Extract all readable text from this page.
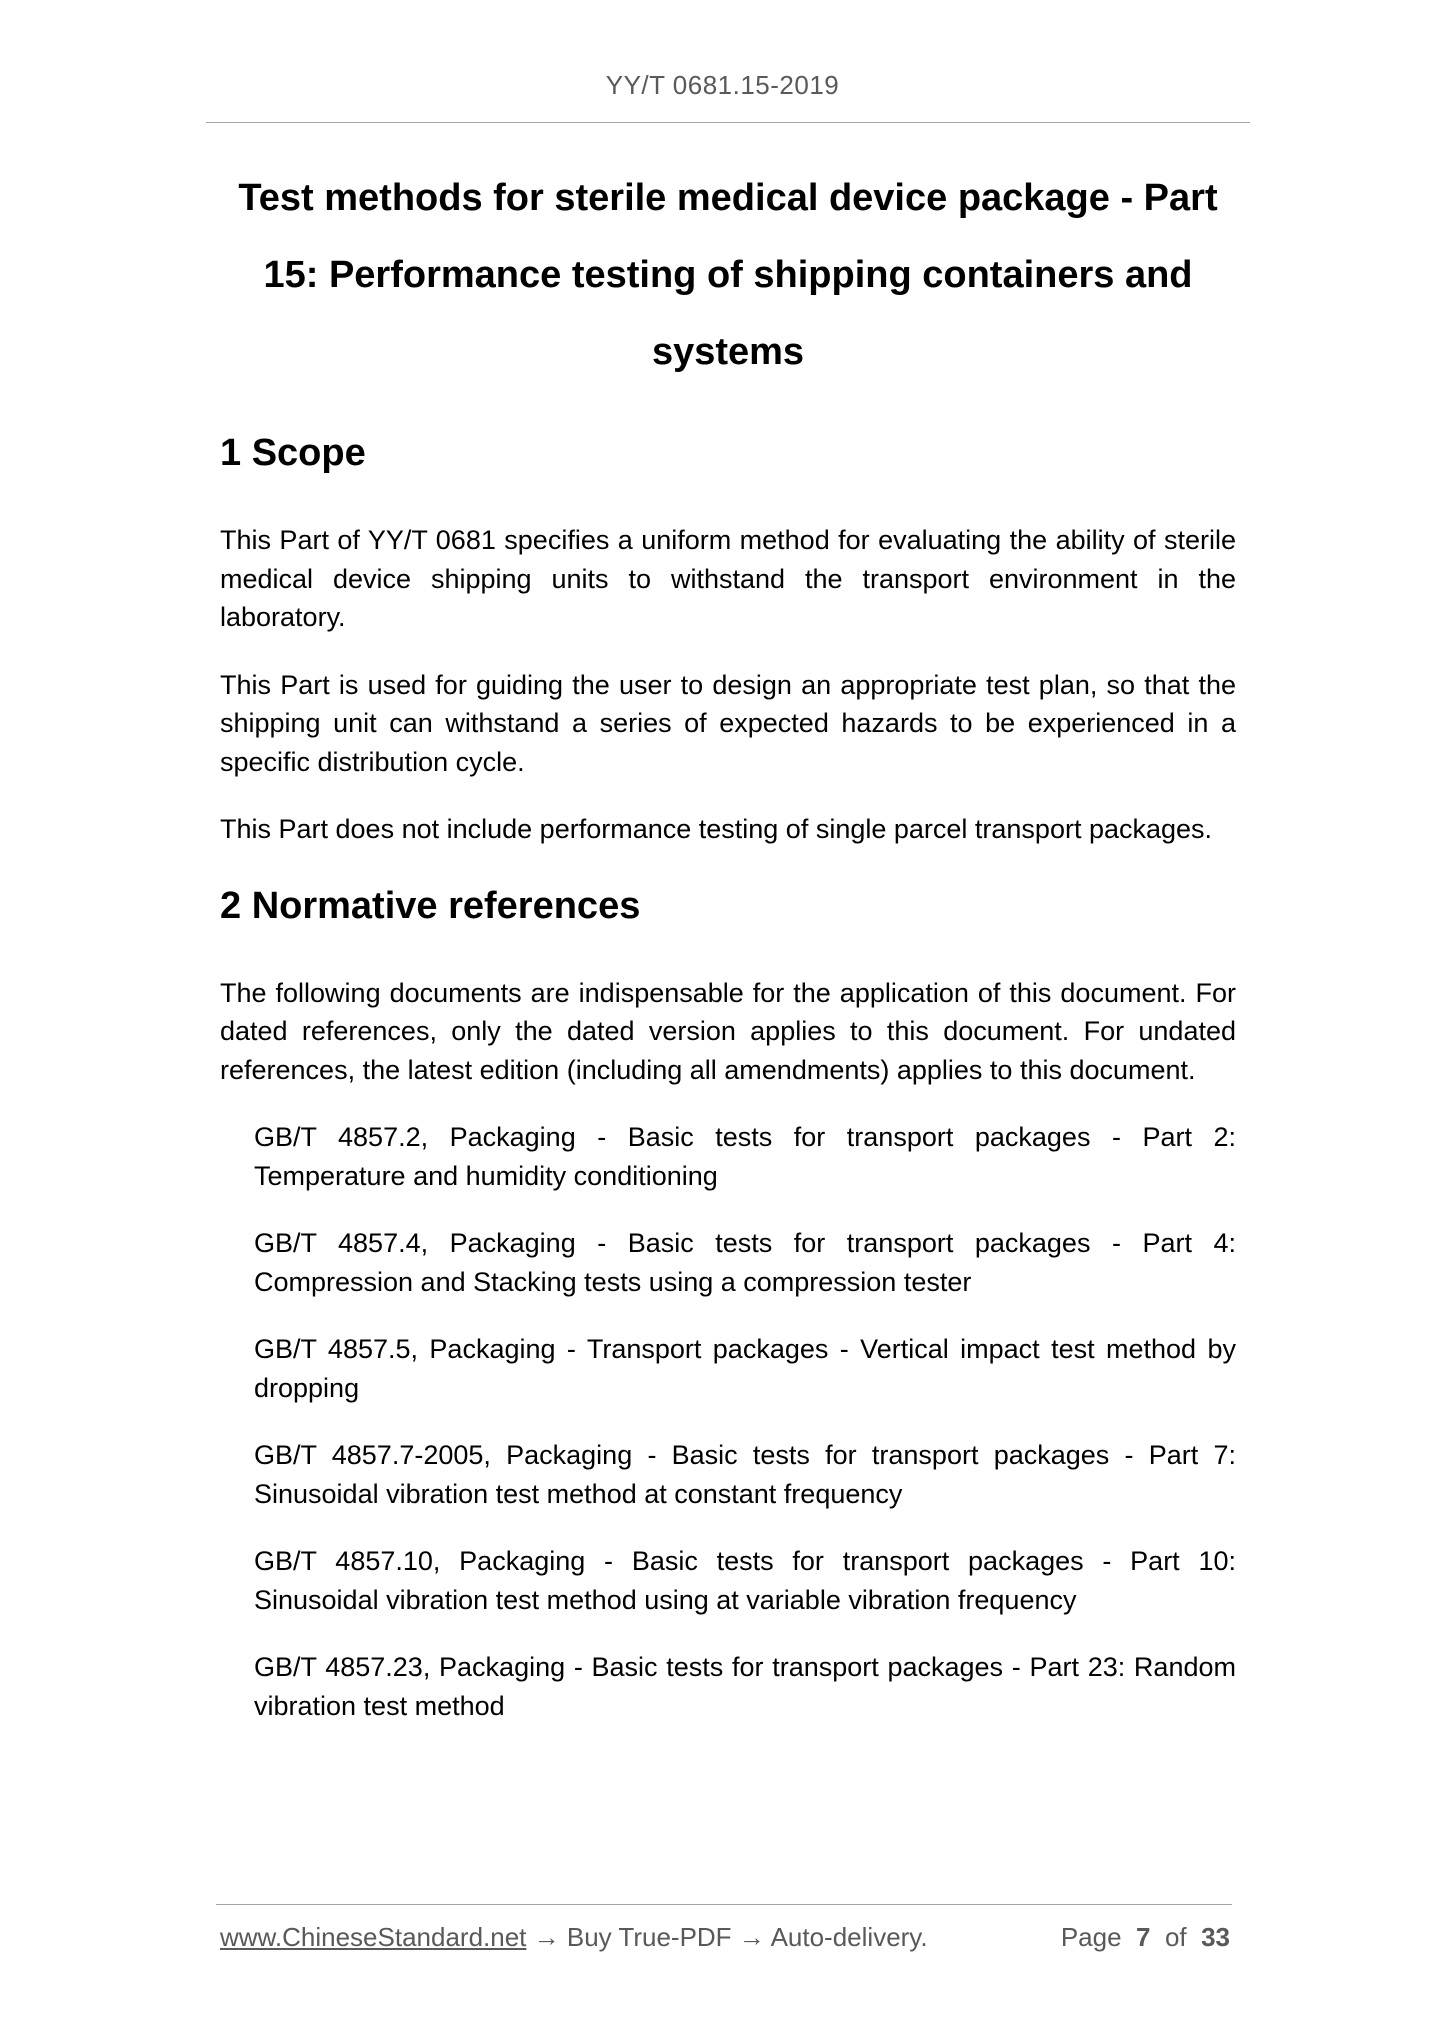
YY/T 0681.15-2019
Test methods for sterile medical device package - Part
15: Performance testing of shipping containers and
systems
1 Scope

This Part of YY/T 0681 specifies a uniform method for evaluating the ability of sterile medical device shipping units to withstand the transport environment in the laboratory.

This Part is used for guiding the user to design an appropriate test plan, so that the shipping unit can withstand a series of expected hazards to be experienced in a specific distribution cycle.

This Part does not include performance testing of single parcel transport packages.

2 Normative references

The following documents are indispensable for the application of this document. For dated references, only the dated version applies to this document. For undated references, the latest edition (including all amendments) applies to this document.

GB/T 4857.2, Packaging - Basic tests for transport packages - Part 2: Temperature and humidity conditioning

GB/T 4857.4, Packaging - Basic tests for transport packages - Part 4: Compression and Stacking tests using a compression tester

GB/T 4857.5, Packaging - Transport packages - Vertical impact test method by dropping

GB/T 4857.7-2005, Packaging - Basic tests for transport packages - Part 7: Sinusoidal vibration test method at constant frequency

GB/T 4857.10, Packaging - Basic tests for transport packages - Part 10: Sinusoidal vibration test method using at variable vibration frequency

GB/T 4857.23, Packaging - Basic tests for transport packages - Part 23: Random vibration test method

www.ChineseStandard.net → Buy True-PDF → Auto-delivery.	Page 7 of 33
